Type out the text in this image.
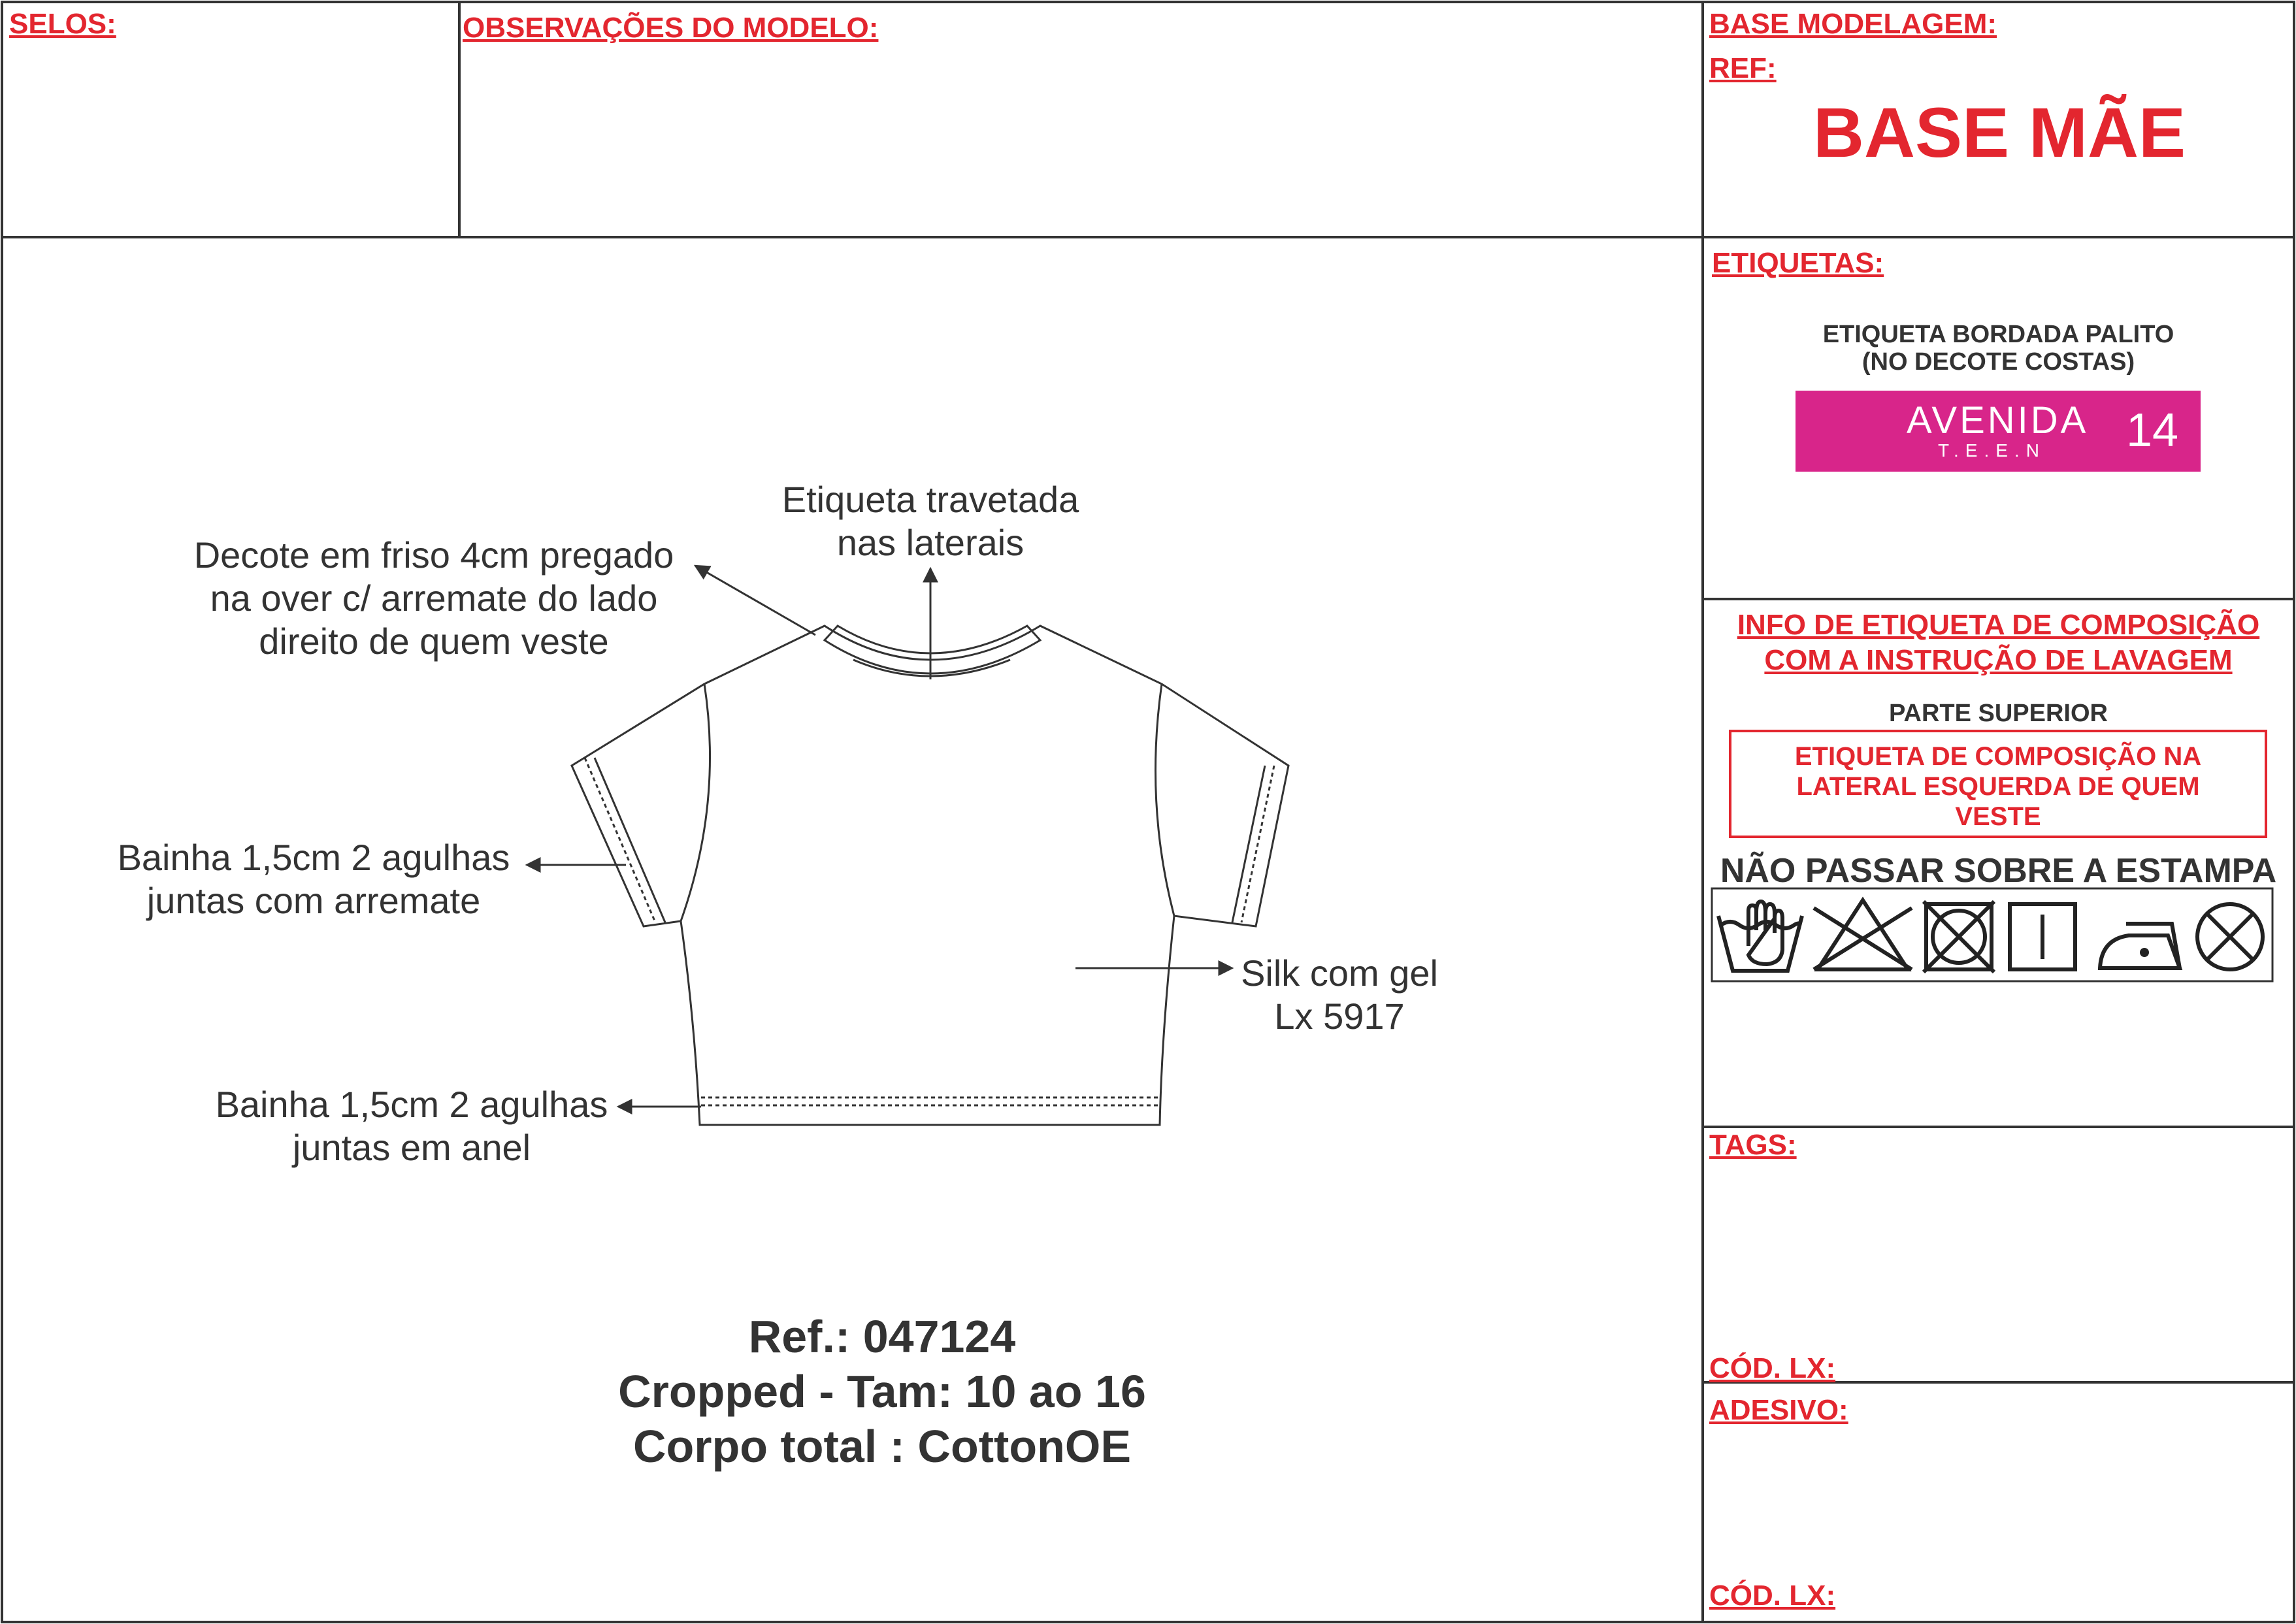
SELOS:	OBSERVAÇÕES DO MODELO:	BASE MODELAGEM:
REF:
BASE MÃE
ETIQUETAS:
ETIQUETA BORDADA PALITO
(NO DECOTE COSTAS)
AVENIDA
T.E.E.N 14
INFO DE ETIQUETA DE COMPOSIÇÃO
COM A INSTRUÇÃO DE LAVAGEM
PARTE SUPERIOR
ETIQUETA DE COMPOSIÇÃO NA
LATERAL ESQUERDA DE QUEM
VESTE
NÃO PASSAR SOBRE A ESTAMPA
TAGS:
CÓD. LX:
ADESIVO:
CÓD. LX:
Etiqueta travetada
nas laterais
Decote em friso 4cm pregado
na over c/ arremate do lado
direito de quem veste
Bainha 1,5cm 2 agulhas
juntas com arremate
Silk com gel
Lx 5917
Bainha 1,5cm 2 agulhas
juntas em anel
Ref.: 047124
Cropped - Tam: 10 ao 16
Corpo total : CottonOE
